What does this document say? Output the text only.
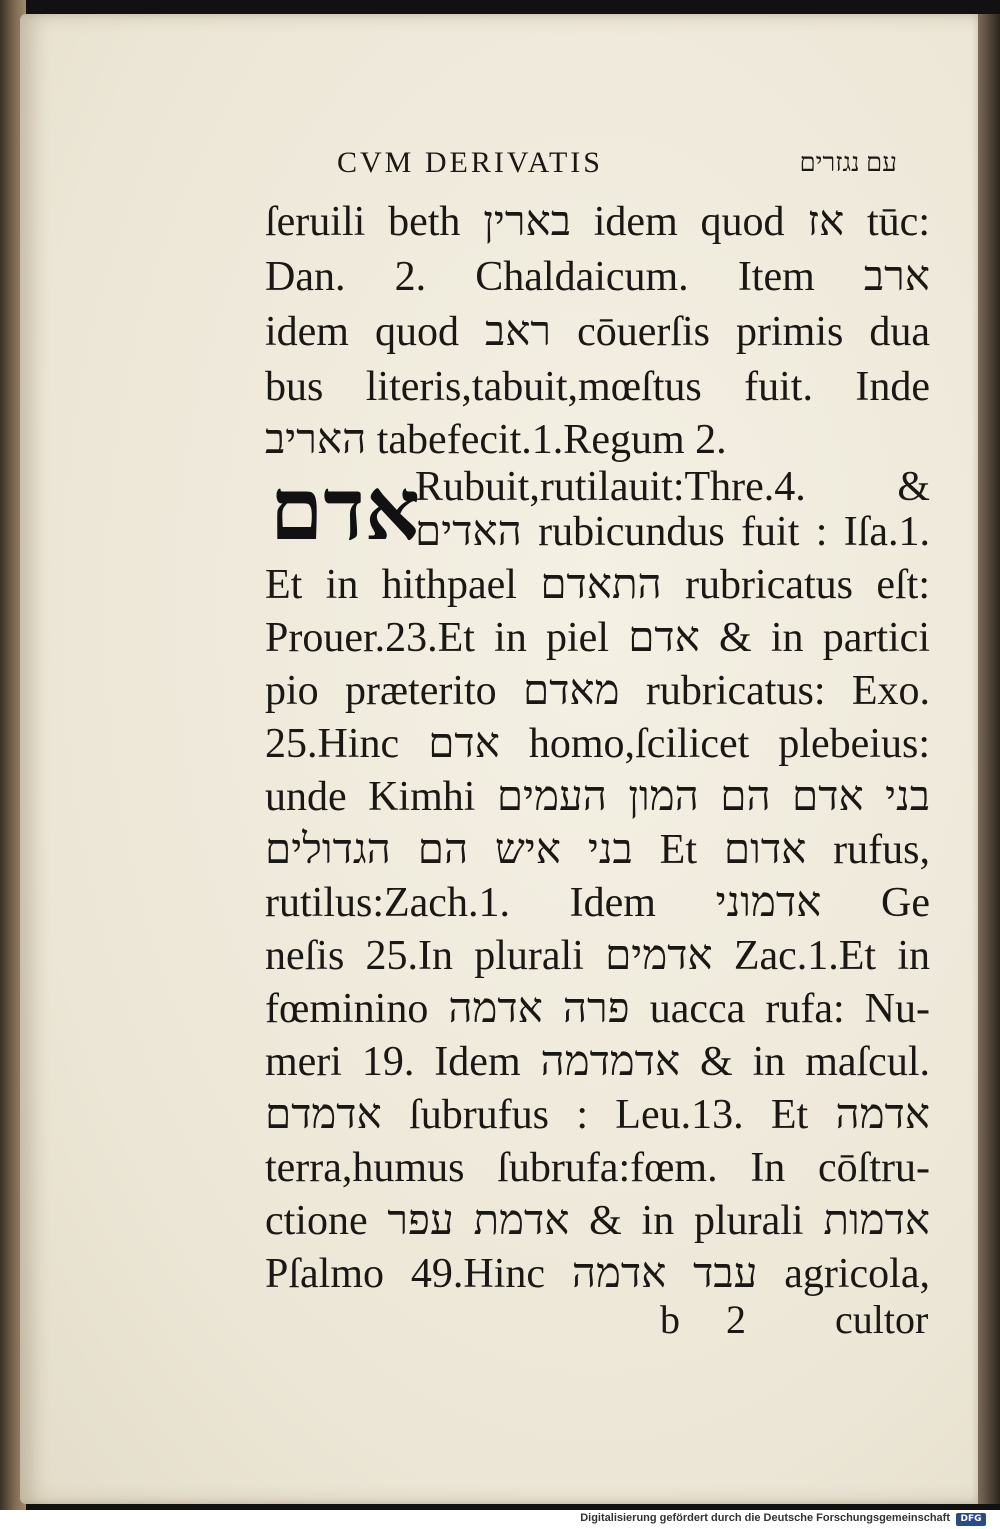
CVM DERIVATIS	עם נגזרים
אדם
ſeruili beth בארין idem quod אז tūc:
Dan. 2. Chaldaicum. Item ארב
idem quod ראב cōuerſis primis dua
bus literis,tabuit,mœſtus fuit. Inde
האריב tabefecit.1.Regum 2.
Rubuit,rutilauit:Thre.4. &
האדים rubicundus fuit : Iſa.1.
Et in hithpael התאדם rubricatus eſt:
Prouer.23.Et in piel אדם & in partici
pio præterito מאדם rubricatus: Exo.
25.Hinc אדם homo,ſcilicet plebeius:
unde Kimhi בני אדם הם המון העמים
בני איש הם הגדולים Et אדום rufus,
rutilus:Zach.1. Idem אדמוני Ge
neſis 25.In plurali אדמים Zac.1.Et in
fœminino פרה אדמה uacca rufa: Nu-
meri 19. Idem אדמדמה & in maſcul.
אדמדם ſubrufus : Leu.13. Et אדמה
terra,humus ſubrufa:fœm. In cōſtru-
ctione אדמת עפר & in plurali אדמות
Pſalmo 49.Hinc עבד אדמה agricola,
b 2 cultor
Digitalisierung gefördert durch die Deutsche Forschungsgemeinschaft	DFG
